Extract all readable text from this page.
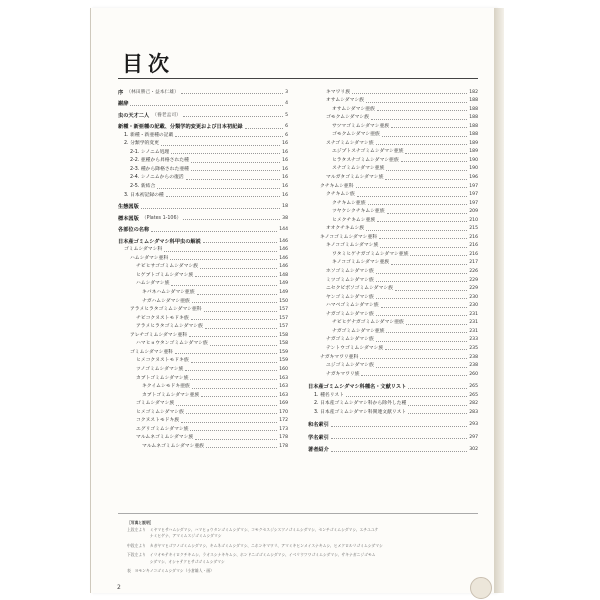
目次
序 （林田勝己・益本仁雄）	3
謝辞	4
虫の天才二人 （養老孟司）	5
新種・新亜種の記載、分類学的変更および日本初記録	6
1. 新種・新亜種の記載	6
2. 分類学的変更	16
2-1. シノニム処理	16
2-2. 亜種から昇格された種	16
2-3. 種から降格された亜種	16
2-4. シノニムからの復活	16
2-5. 新結合	16
3. 日本初記録の種	16
生態図版	18
標本図版 （Plates 1-106）	38
各部位の名称	144
日本産ゴミムシダマシ科甲虫の解説	146
ゴミムシダマシ科	146
ハムシダマシ亜科	146
チビヒサゴゴミムシダマシ族	146
ヒゲブトゴミムシダマシ族	148
ハムシダマシ族	149
キバネハムシダマシ亜族	149
ナガハムシダマシ亜族	150
アラメヒラタゴミムシダマシ亜科	157
チビコクヌストモドキ族	157
アラメヒラタゴミムシダマシ族	157
アレチゴミムシダマシ亜科	158
ハマヒョウタンゴミムシダマシ族	158
ゴミムシダマシ亜科	159
ヒメコクヌストモドキ族	159
ツノゴミムシダマシ族	160
カブトゴミムシダマシ族	163
キクイムシモドキ亜族	163
カブトゴミムシダマシ亜族	163
ゴミムシダマシ族	169
ヒメゴミムシダマシ族	170
コクヌストモドキ族	172
エグリゴミムシダマシ族	173
マルムネゴミムシダマシ族	178
マルムネゴミムシダマシ亜族	178
キマワリ族	182
オサムシダマシ族	188
オサムシダマシ亜族	188
ゴモクムシダマシ族	188
サツマゴミムシダマシ亜族	188
ゴモクムシダマシ亜族	188
スナゴミムシダマシ族	189
エジプトスナゴミムシダマシ亜族	189
ヒラタスナゴミムシダマシ亜族	190
スナゴミムシダマシ亜族	190
マルガタゴミムシダマシ族	196
クチキムシ亜科	197
クチキムシ族	197
クチキムシ亜族	197
ツヤケシクチキムシ亜族	209
ヒメクチキムシ亜族	210
オオクチキムシ族	215
キノコゴミムシダマシ亜科	216
キノコゴミムシダマシ族	216
ワタミヒゲナガゴミムシダマシ亜族	216
キノコゴミムシダマシ亜族	217
ホソゴミムシダマシ族	226
ミツゴミムシダマシ族	229
ニセクビボソゴミムシダマシ族	229
ヤンゴミムシダマシ族	230
ハマベゴミムシダマシ族	230
ナガゴミムシダマシ族	231
チビヒゲナガゴミムシダマシ亜族	231
ナガゴミムシダマシ亜族	231
ナガゴミムシダマシ族	233
テントウゴミムシダマシ族	235
ナガキマワリ亜科	238
ユジゴミムシダマシ族	238
ナガキマワリ族	260
日本産ゴミムシダマシ科種名・文献リスト	265
1. 種名リスト	265
2. 日本産ゴミムシダマシ科から除外した種	282
3. 日本産ゴミムシダマシ科関連文献リスト	283
和名索引	293
学名索引	297
著者紹介	302
［写真と説明］
上段左より　ミヤマヒサハムシダマシ、ハマヒョウタンゴミムシダマシ、コモクセスジシスツノゴミムシダマシ、センチゴミムシダマシ、エチユユケ
　　　　　　ナミヒゲナ、アマミムスジゴミムシダマシ
中段左より　カガヤマヒゴツノゴミムシダマシ、キムネゴミムシダマシ、ニホンキマワリ、アマミキヒンメイスナキムシ、ヒメクロルリゴミムシダマシ
下段左より　イリオモテキイロクチキムシ、ラオスシナキキムシ、ホンドニゴゴミムシダマシ、イベリウツワゴミムシダマシ、サキナガニジゴモム
　　　　　　シダマシ、オシャテクヒサゴゴミムシダマシ
表　ヨモンキノコゴミムシダマシ（小倉雄人・画）
2
